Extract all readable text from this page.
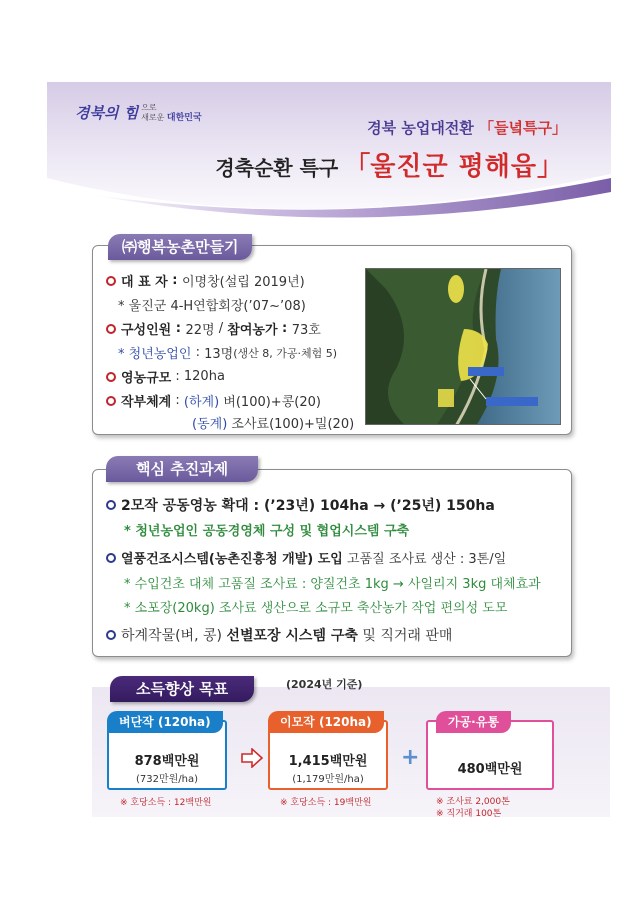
경북의 힘 으로
새로운 대한민국
경북 농업대전환 「들녘특구」
경축순환 특구 「 울진군 평해읍 」
㈜행복농촌만들기
대 표 자 : 이명창(설립 2019년)
* 울진군 4-H연합회장(’07~’08)
구성인원 : 22명 / 참여농가 : 73호
* 청년농업인 : 13명 (생산 8, 가공·체험 5)
영농규모 : 120ha
작부체계 : (하계)
벼(100)+콩(20)
(동계)
조사료(100)+밀(20)
핵심 추진과제
2모작 공동영농 확대 : (’23년) 104ha → (’25년) 150ha
* 청년농업인 공동경영체 구성 및 협업시스템 구축
열풍건조시스템(농촌진흥청 개발) 도입
고품질 조사료 생산 : 3톤/일
* 수입건초 대체 고품질 조사료 : 양질건초 1kg → 사일리지 3kg 대체효과
* 소포장(20kg) 조사료 생산으로 소규모 축산농가 작업 편의성 도모
하계작물(벼, 콩)
선별포장 시스템 구축
및 직거래 판매
소득향상 목표	(2024년 기준)
벼단작 (120ha)
878백만원
(732만원/ha)
이모작 (120ha)
1,415백만원
(1,179만원/ha)
+
가공·유통
480백만원
※ 호당소득 : 12백만원	※ 호당소득 : 19백만원	※ 조사료 2,000톤
※ 직거래 100톤
